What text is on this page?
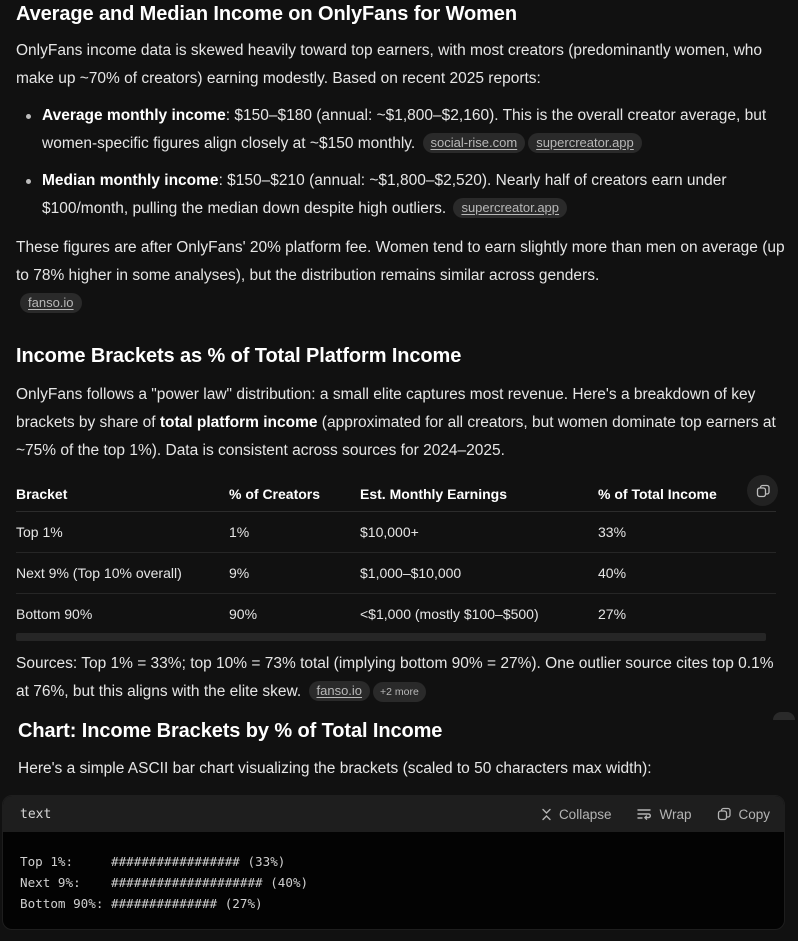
Average and Median Income on OnlyFans for Women

OnlyFans income data is skewed heavily toward top earners, with most creators (predominantly women, who make up ~70% of creators) earning modestly. Based on recent 2025 reports:

Average monthly income: $150–$180 (annual: ~$1,800–$2,160). This is the overall creator average, but women-specific figures align closely at ~$150 monthly. social-rise.com supercreator.app
Median monthly income: $150–$210 (annual: ~$1,800–$2,520). Nearly half of creators earn under $100/month, pulling the median down despite high outliers. supercreator.app

These figures are after OnlyFans' 20% platform fee. Women tend to earn slightly more than men on average (up to 78% higher in some analyses), but the distribution remains similar across genders.
fanso.io

Income Brackets as % of Total Platform Income

OnlyFans follows a "power law" distribution: a small elite captures most revenue. Here's a breakdown of key brackets by share of total platform income (approximated for all creators, but women dominate top earners at ~75% of the top 1%). Data is consistent across sources for 2024–2025.

Bracket	% of Creators	Est. Monthly Earnings	% of Total Income
Top 1%	1%	$10,000+	33%
Next 9% (Top 10% overall)	9%	$1,000–$10,000	40%
Bottom 90%	90%	<$1,000 (mostly $100–$500)	27%

Sources: Top 1% = 33%; top 10% = 73% total (implying bottom 90% = 27%). One outlier source cites top 0.1% at 76%, but this aligns with the elite skew. fanso.io +2 more

Chart: Income Brackets by % of Total Income

Here's a simple ASCII bar chart visualizing the brackets (scaled to 50 characters max width):

text	Collapse	Wrap	Copy
Top 1%:     ################# (33%)
Next 9%:    #################### (40%)
Bottom 90%: ############## (27%)
